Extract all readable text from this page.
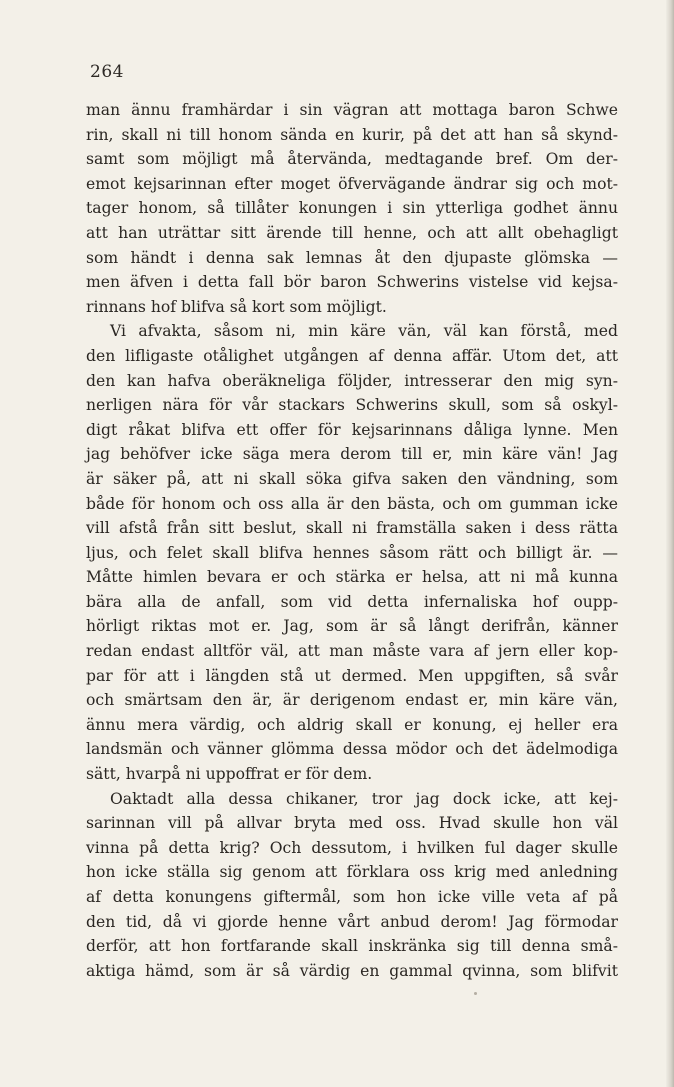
264
man ännu framhärdar i sin vägran att mottaga baron Schwe
rin, skall ni till honom sända en kurir, på det att han så skynd-
samt som möjligt må återvända, medtagande bref. Om der-
emot kejsarinnan efter moget öfvervägande ändrar sig och mot-
tager honom, så tillåter konungen i sin ytterliga godhet ännu
att han uträttar sitt ärende till henne, och att allt obehagligt
som händt i denna sak lemnas åt den djupaste glömska —
men äfven i detta fall bör baron Schwerins vistelse vid kejsa-
rinnans hof blifva så kort som möjligt.
Vi afvakta, såsom ni, min käre vän, väl kan förstå, med
den lifligaste otålighet utgången af denna affär. Utom det, att
den kan hafva oberäkneliga följder, intresserar den mig syn-
nerligen nära för vår stackars Schwerins skull, som så oskyl-
digt råkat blifva ett offer för kejsarinnans dåliga lynne. Men
jag behöfver icke säga mera derom till er, min käre vän! Jag
är säker på, att ni skall söka gifva saken den vändning, som
både för honom och oss alla är den bästa, och om gumman icke
vill afstå från sitt beslut, skall ni framställa saken i dess rätta
ljus, och felet skall blifva hennes såsom rätt och billigt är. —
Måtte himlen bevara er och stärka er helsa, att ni må kunna
bära alla de anfall, som vid detta infernaliska hof oupp-
hörligt riktas mot er. Jag, som är så långt derifrån, känner
redan endast alltför väl, att man måste vara af jern eller kop-
par för att i längden stå ut dermed. Men uppgiften, så svår
och smärtsam den är, är derigenom endast er, min käre vän,
ännu mera värdig, och aldrig skall er konung, ej heller era
landsmän och vänner glömma dessa mödor och det ädelmodiga
sätt, hvarpå ni uppoffrat er för dem.
Oaktadt alla dessa chikaner, tror jag dock icke, att kej-
sarinnan vill på allvar bryta med oss. Hvad skulle hon väl
vinna på detta krig? Och dessutom, i hvilken ful dager skulle
hon icke ställa sig genom att förklara oss krig med anledning
af detta konungens giftermål, som hon icke ville veta af på
den tid, då vi gjorde henne vårt anbud derom! Jag förmodar
derför, att hon fortfarande skall inskränka sig till denna små-
aktiga hämd, som är så värdig en gammal qvinna, som blifvit
